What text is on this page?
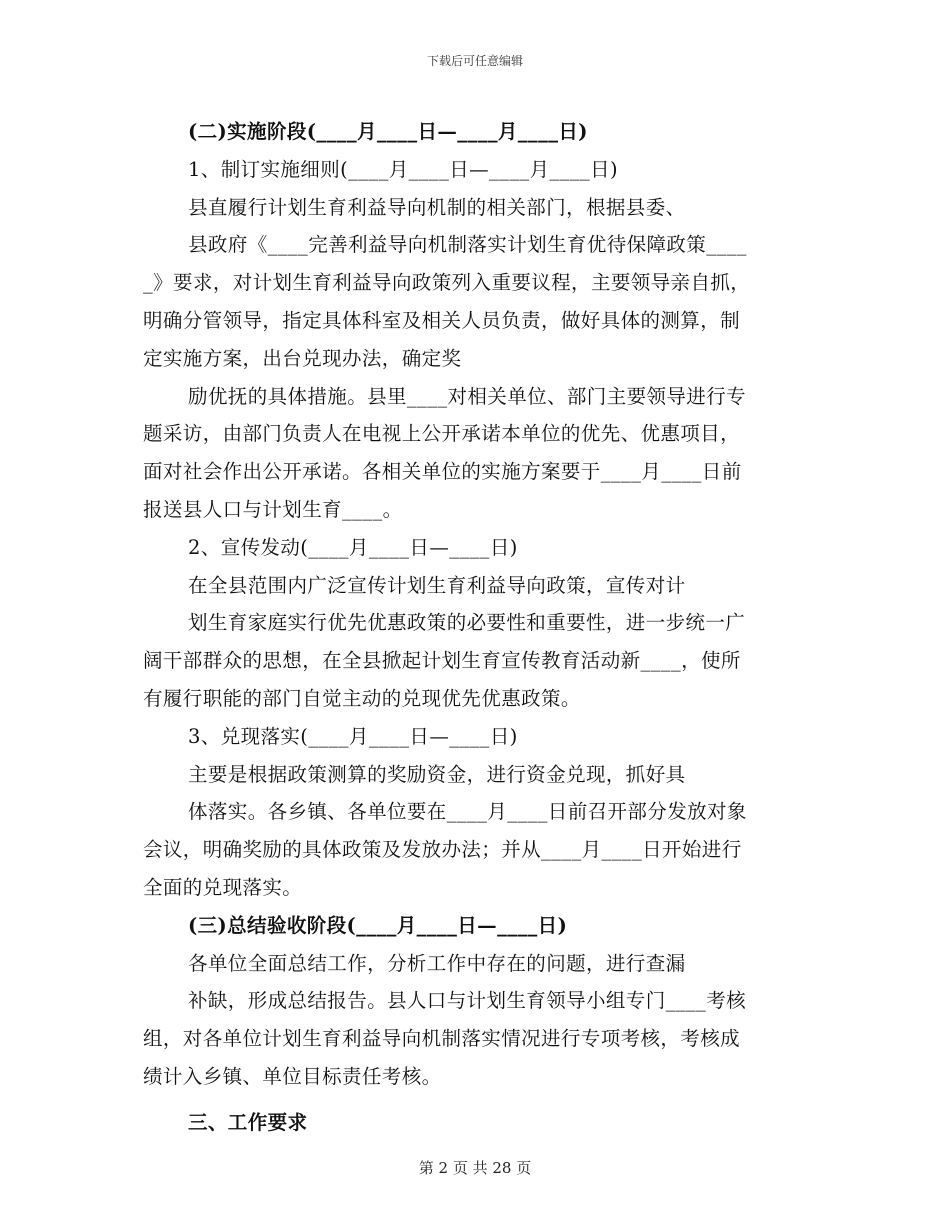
下载后可任意编辑
(二)实施阶段(____月____日—____月____日)
1、制订实施细则(____月____日—____月____日)
县直履行计划生育利益导向机制的相关部门，根据县委、
县政府《____完善利益导向机制落实计划生育优待保障政策____
_》要求，对计划生育利益导向政策列入重要议程，主要领导亲自抓，
明确分管领导，指定具体科室及相关人员负责，做好具体的测算，制
定实施方案，出台兑现办法，确定奖
励优抚的具体措施。县里____对相关单位、部门主要领导进行专
题采访，由部门负责人在电视上公开承诺本单位的优先、优惠项目，
面对社会作出公开承诺。各相关单位的实施方案要于____月____日前
报送县人口与计划生育____。
2、宣传发动(____月____日—____日)
在全县范围内广泛宣传计划生育利益导向政策，宣传对计
划生育家庭实行优先优惠政策的必要性和重要性，进一步统一广
阔干部群众的思想，在全县掀起计划生育宣传教育活动新____，使所
有履行职能的部门自觉主动的兑现优先优惠政策。
3、兑现落实(____月____日—____日)
主要是根据政策测算的奖励资金，进行资金兑现，抓好具
体落实。各乡镇、各单位要在____月____日前召开部分发放对象
会议，明确奖励的具体政策及发放办法；并从____月____日开始进行
全面的兑现落实。
(三)总结验收阶段(____月____日—____日)
各单位全面总结工作，分析工作中存在的问题，进行查漏
补缺，形成总结报告。县人口与计划生育领导小组专门____考核
组，对各单位计划生育利益导向机制落实情况进行专项考核，考核成
绩计入乡镇、单位目标责任考核。
三、工作要求
第 2 页 共 28 页
